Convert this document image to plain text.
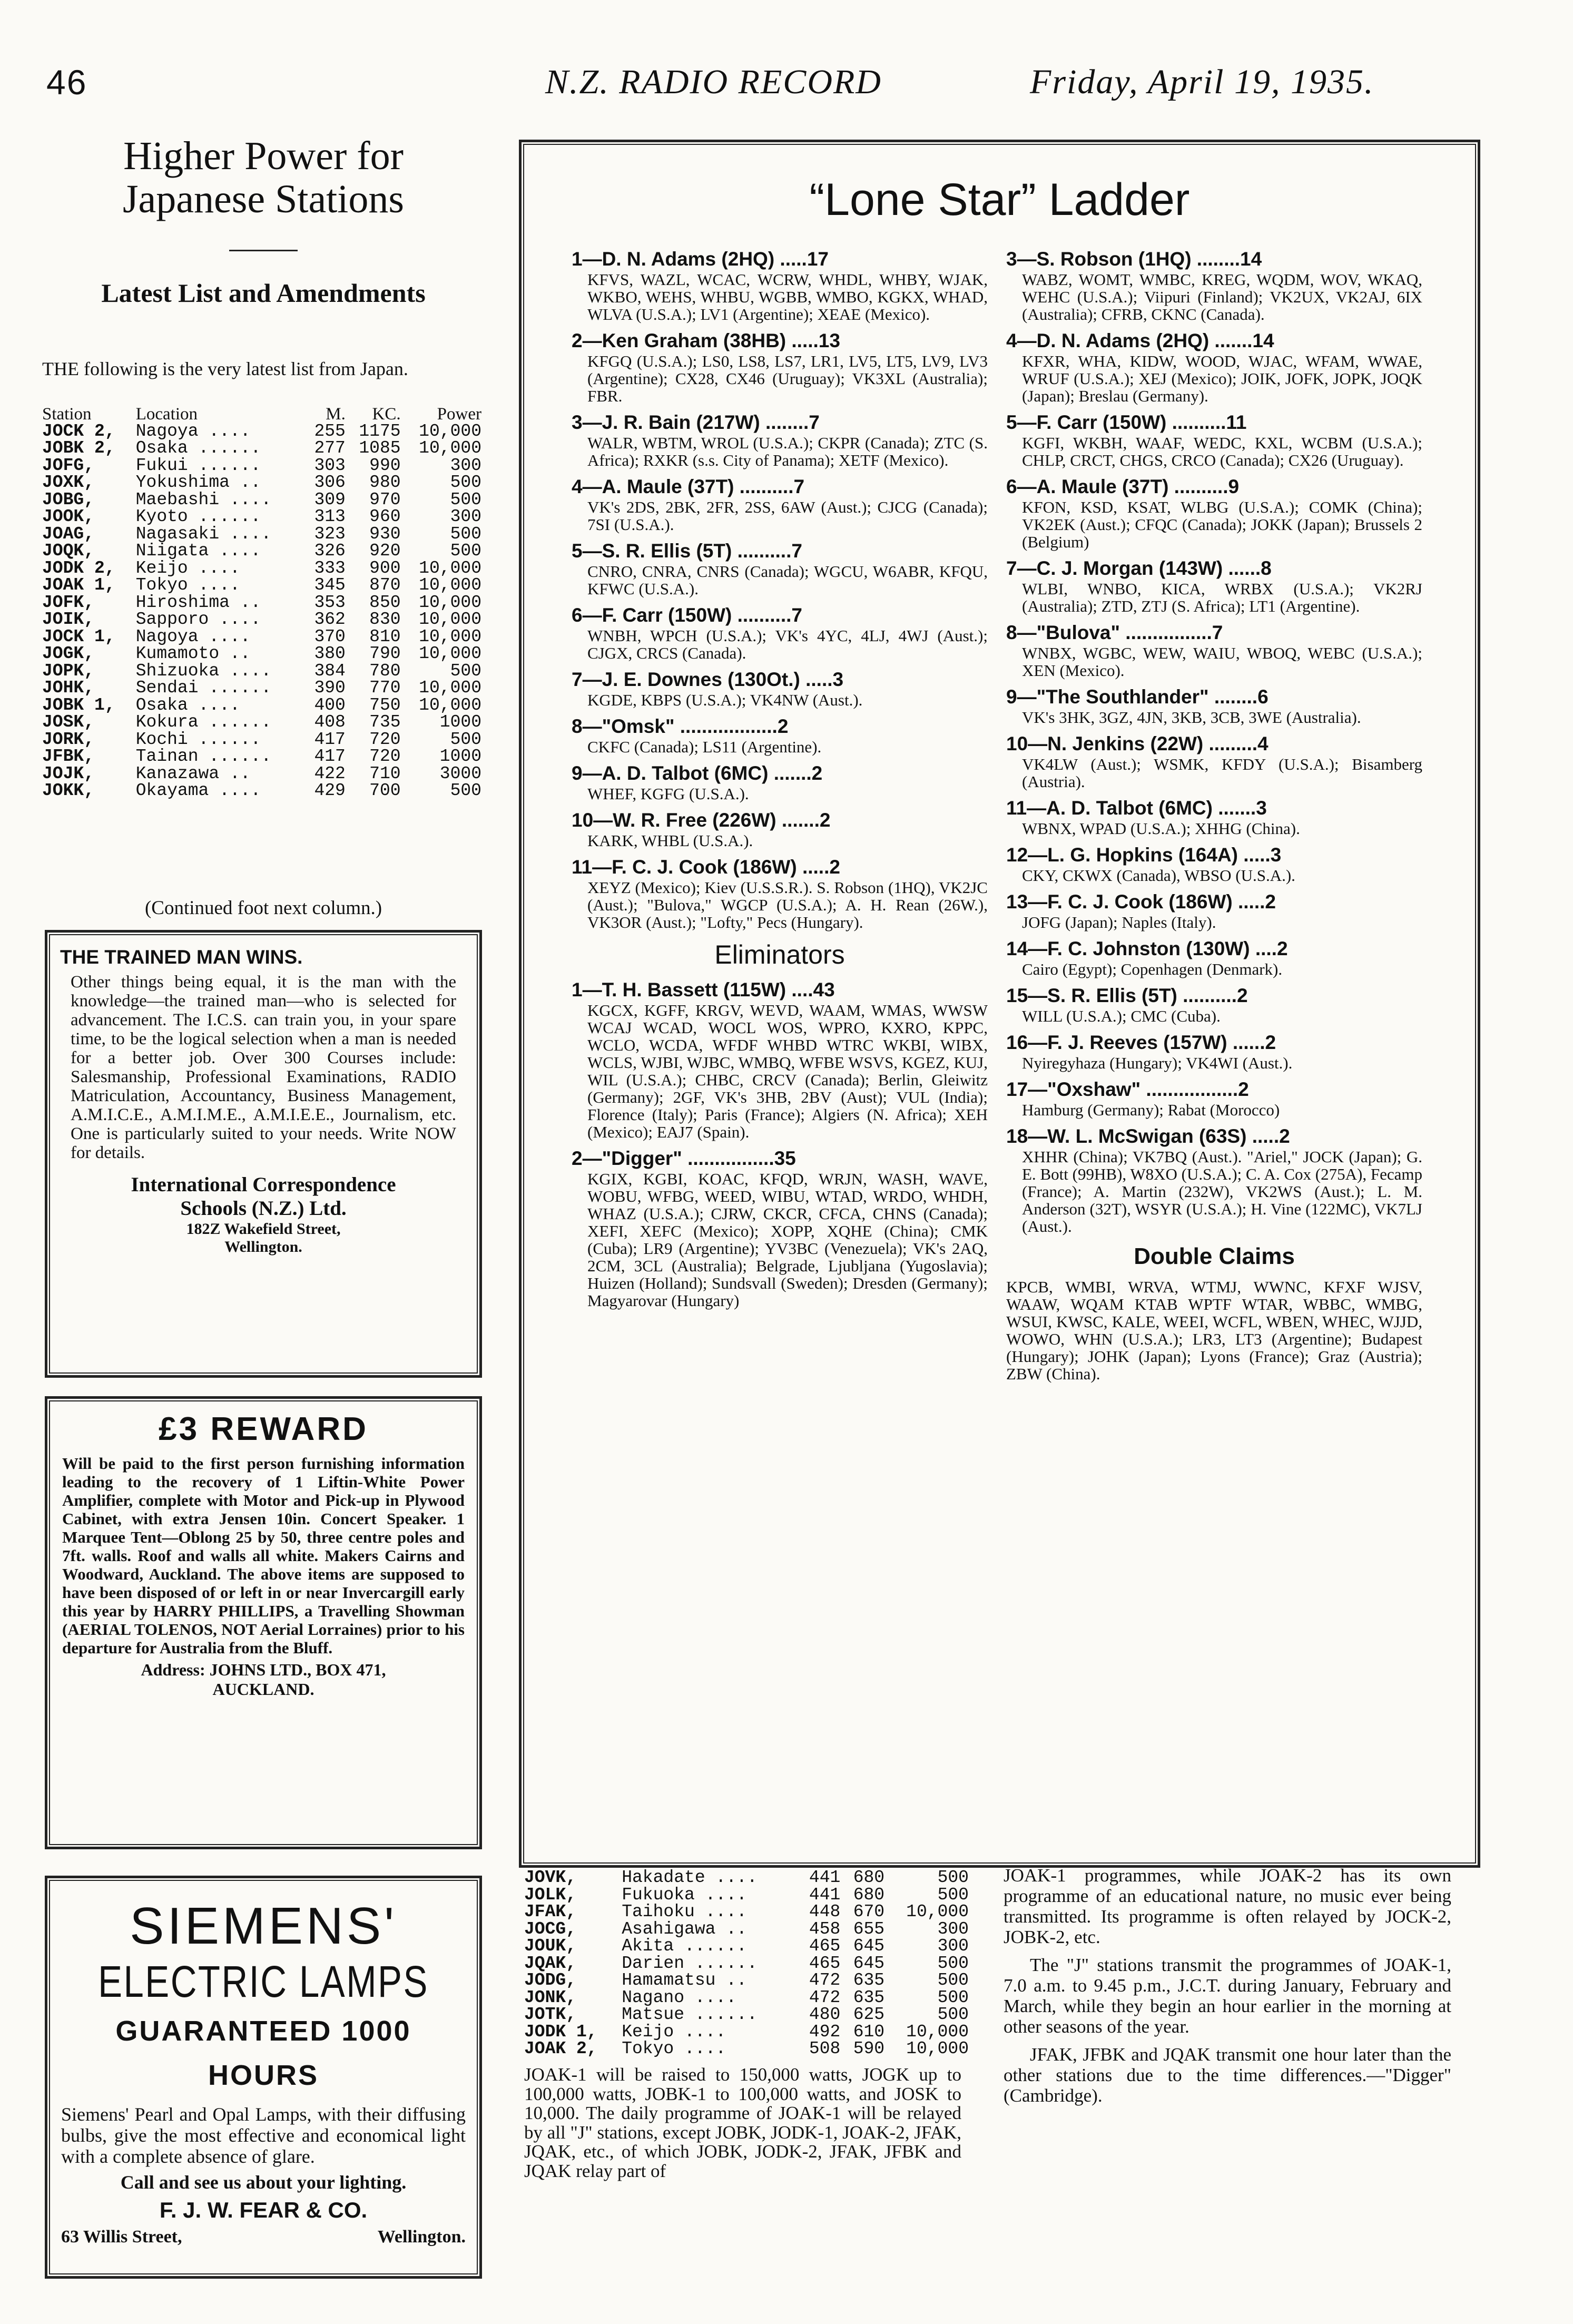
46	N.Z. RADIO RECORD	Friday, April 19, 1935.
Higher Power for
Japanese Stations
Latest List and Amendments
THE following is the very latest list from Japan.
Station	Location	M.	KC.	Power
JOCK 2,	Nagoya ....	255	1175	10,000
JOBK 2,	Osaka ......	277	1085	10,000
JOFG,	Fukui ......	303	990	300
JOXK,	Yokushima ..	306	980	500
JOBG,	Maebashi ....	309	970	500
JOOK,	Kyoto ......	313	960	300
JOAG,	Nagasaki ....	323	930	500
JOQK,	Niigata ....	326	920	500
JODK 2,	Keijo ....	333	900	10,000
JOAK 1,	Tokyo ....	345	870	10,000
JOFK,	Hiroshima ..	353	850	10,000
JOIK,	Sapporo ....	362	830	10,000
JOCK 1,	Nagoya ....	370	810	10,000
JOGK,	Kumamoto ..	380	790	10,000
JOPK,	Shizuoka ....	384	780	500
JOHK,	Sendai ......	390	770	10,000
JOBK 1,	Osaka ....	400	750	10,000
JOSK,	Kokura ......	408	735	1000
JORK,	Kochi ......	417	720	500
JFBK,	Tainan ......	417	720	1000
JOJK,	Kanazawa ..	422	710	3000
JOKK,	Okayama ....	429	700	500
(Continued foot next column.)
THE TRAINED MAN WINS.
Other things being equal, it is the man with the knowledge—the trained man—who is selected for advancement. The I.C.S. can train you, in your spare time, to be the logical selection when a man is needed for a better job. Over 300 Courses include: Salesmanship, Professional Examinations, RADIO Matriculation, Accountancy, Business Management, A.M.I.C.E., A.M.I.M.E., A.M.I.E.E., Journalism, etc. One is particularly suited to your needs. Write NOW for details.
International Correspondence
Schools (N.Z.) Ltd.
182Z Wakefield Street,
Wellington.
£3 REWARD
Will be paid to the first person furnishing information leading to the recovery of 1 Liftin-White Power Amplifier, complete with Motor and Pick-up in Plywood Cabinet, with extra Jensen 10in. Concert Speaker. 1 Marquee Tent—Oblong 25 by 50, three centre poles and 7ft. walls. Roof and walls all white. Makers Cairns and Woodward, Auckland. The above items are supposed to have been disposed of or left in or near Invercargill early this year by HARRY PHILLIPS, a Travelling Showman (AERIAL TOLENOS, NOT Aerial Lorraines) prior to his departure for Australia from the Bluff.
Address: JOHNS LTD., BOX 471,
AUCKLAND.
SIEMENS'
ELECTRIC LAMPS
GUARANTEED 1000 HOURS
Siemens' Pearl and Opal Lamps, with their diffusing bulbs, give the most effective and economical light with a complete absence of glare.
Call and see us about your lighting.
F. J. W. FEAR & CO.
63 Willis Street,	Wellington.
“Lone Star” Ladder
1—D. N. Adams (2HQ) .....17
KFVS, WAZL, WCAC, WCRW, WHDL, WHBY, WJAK, WKBO, WEHS, WHBU, WGBB, WMBO, KGKX, WHAD, WLVA (U.S.A.); LV1 (Argentine); XEAE (Mexico).
2—Ken Graham (38HB) .....13
KFGQ (U.S.A.); LS0, LS8, LS7, LR1, LV5, LT5, LV9, LV3 (Argentine); CX28, CX46 (Uruguay); VK3XL (Australia); FBR.
3—J. R. Bain (217W) ........7
WALR, WBTM, WROL (U.S.A.); CKPR (Canada); ZTC (S. Africa); RXKR (s.s. City of Panama); XETF (Mexico).
4—A. Maule (37T) ..........7
VK's 2DS, 2BK, 2FR, 2SS, 6AW (Aust.); CJCG (Canada); 7SI (U.S.A.).
5—S. R. Ellis (5T) ..........7
CNRO, CNRA, CNRS (Canada); WGCU, W6ABR, KFQU, KFWC (U.S.A.).
6—F. Carr (150W) ..........7
WNBH, WPCH (U.S.A.); VK's 4YC, 4LJ, 4WJ (Aust.); CJGX, CRCS (Canada).
7—J. E. Downes (130Ot.) .....3
KGDE, KBPS (U.S.A.); VK4NW (Aust.).
8—"Omsk" ..................2
CKFC (Canada); LS11 (Argentine).
9—A. D. Talbot (6MC) .......2
WHEF, KGFG (U.S.A.).
10—W. R. Free (226W) .......2
KARK, WHBL (U.S.A.).
11—F. C. J. Cook (186W) .....2
XEYZ (Mexico); Kiev (U.S.S.R.). S. Robson (1HQ), VK2JC (Aust.); "Bulova," WGCP (U.S.A.); A. H. Rean (26W.), VK3OR (Aust.); "Lofty," Pecs (Hungary).
Eliminators
1—T. H. Bassett (115W) ....43
KGCX, KGFF, KRGV, WEVD, WAAM, WMAS, WWSW WCAJ WCAD, WOCL WOS, WPRO, KXRO, KPPC, WCLO, WCDA, WFDF WHBD WTRC WKBI, WIBX, WCLS, WJBI, WJBC, WMBQ, WFBE WSVS, KGEZ, KUJ, WIL (U.S.A.); CHBC, CRCV (Canada); Berlin, Gleiwitz (Germany); 2GF, VK's 3HB, 2BV (Aust); VUL (India); Florence (Italy); Paris (France); Algiers (N. Africa); XEH (Mexico); EAJ7 (Spain).
2—"Digger" ................35
KGIX, KGBI, KOAC, KFQD, WRJN, WASH, WAVE, WOBU, WFBG, WEED, WIBU, WTAD, WRDO, WHDH, WHAZ (U.S.A.); CJRW, CKCR, CFCA, CHNS (Canada); XEFI, XEFC (Mexico); XOPP, XQHE (China); CMK (Cuba); LR9 (Argentine); YV3BC (Venezuela); VK's 2AQ, 2CM, 3CL (Australia); Belgrade, Ljubljana (Yugoslavia); Huizen (Holland); Sundsvall (Sweden); Dresden (Germany); Magyarovar (Hungary)
3—S. Robson (1HQ) ........14
WABZ, WOMT, WMBC, KREG, WQDM, WOV, WKAQ, WEHC (U.S.A.); Viipuri (Finland); VK2UX, VK2AJ, 6IX (Australia); CFRB, CKNC (Canada).
4—D. N. Adams (2HQ) .......14
KFXR, WHA, KIDW, WOOD, WJAC, WFAM, WWAE, WRUF (U.S.A.); XEJ (Mexico); JOIK, JOFK, JOPK, JOQK (Japan); Breslau (Germany).
5—F. Carr (150W) ..........11
KGFI, WKBH, WAAF, WEDC, KXL, WCBM (U.S.A.); CHLP, CRCT, CHGS, CRCO (Canada); CX26 (Uruguay).
6—A. Maule (37T) ..........9
KFON, KSD, KSAT, WLBG (U.S.A.); COMK (China); VK2EK (Aust.); CFQC (Canada); JOKK (Japan); Brussels 2 (Belgium)
7—C. J. Morgan (143W) ......8
WLBI, WNBO, KICA, WRBX (U.S.A.); VK2RJ (Australia); ZTD, ZTJ (S. Africa); LT1 (Argentine).
8—"Bulova" ................7
WNBX, WGBC, WEW, WAIU, WBOQ, WEBC (U.S.A.); XEN (Mexico).
9—"The Southlander" ........6
VK's 3HK, 3GZ, 4JN, 3KB, 3CB, 3WE (Australia).
10—N. Jenkins (22W) .........4
VK4LW (Aust.); WSMK, KFDY (U.S.A.); Bisamberg (Austria).
11—A. D. Talbot (6MC) .......3
WBNX, WPAD (U.S.A.); XHHG (China).
12—L. G. Hopkins (164A) .....3
CKY, CKWX (Canada), WBSO (U.S.A.).
13—F. C. J. Cook (186W) .....2
JOFG (Japan); Naples (Italy).
14—F. C. Johnston (130W) ....2
Cairo (Egypt); Copenhagen (Denmark).
15—S. R. Ellis (5T) ..........2
WILL (U.S.A.); CMC (Cuba).
16—F. J. Reeves (157W) ......2
Nyiregyhaza (Hungary); VK4WI (Aust.).
17—"Oxshaw" .................2
Hamburg (Germany); Rabat (Morocco)
18—W. L. McSwigan (63S) .....2
XHHR (China); VK7BQ (Aust.). "Ariel," JOCK (Japan); G. E. Bott (99HB), W8XO (U.S.A.); C. A. Cox (275A), Fecamp (France); A. Martin (232W), VK2WS (Aust.); L. M. Anderson (32T), WSYR (U.S.A.); H. Vine (122MC), VK7LJ (Aust.).
Double Claims
KPCB, WMBI, WRVA, WTMJ, WWNC, KFXF WJSV, WAAW, WQAM KTAB WPTF WTAR, WBBC, WMBG, WSUI, KWSC, KALE, WEEI, WCFL, WBEN, WHEC, WJJD, WOWO, WHN (U.S.A.); LR3, LT3 (Argentine); Budapest (Hungary); JOHK (Japan); Lyons (France); Graz (Austria); ZBW (China).
JOVK,	Hakadate ....	441	680	500
JOLK,	Fukuoka ....	441	680	500
JFAK,	Taihoku ....	448	670	10,000
JOCG,	Asahigawa ..	458	655	300
JOUK,	Akita ......	465	645	300
JQAK,	Darien ......	465	645	500
JODG,	Hamamatsu ..	472	635	500
JONK,	Nagano ....	472	635	500
JOTK,	Matsue ......	480	625	500
JODK 1,	Keijo ....	492	610	10,000
JOAK 2,	Tokyo ....	508	590	10,000
JOAK-1 will be raised to 150,000 watts, JOGK up to 100,000 watts, JOBK-1 to 100,000 watts, and JOSK to 10,000. The daily programme of JOAK-1 will be relayed by all "J" stations, except JOBK, JODK-1, JOAK-2, JFAK, JQAK, etc., of which JOBK, JODK-2, JFAK, JFBK and JQAK relay part of
JOAK-1 programmes, while JOAK-2 has its own programme of an educational nature, no music ever being transmitted. Its programme is often relayed by JOCK-2, JOBK-2, etc.
The "J" stations transmit the programmes of JOAK-1, 7.0 a.m. to 9.45 p.m., J.C.T. during January, February and March, while they begin an hour earlier in the morning at other seasons of the year.
JFAK, JFBK and JQAK transmit one hour later than the other stations due to the time differences.—"Digger" (Cambridge).
